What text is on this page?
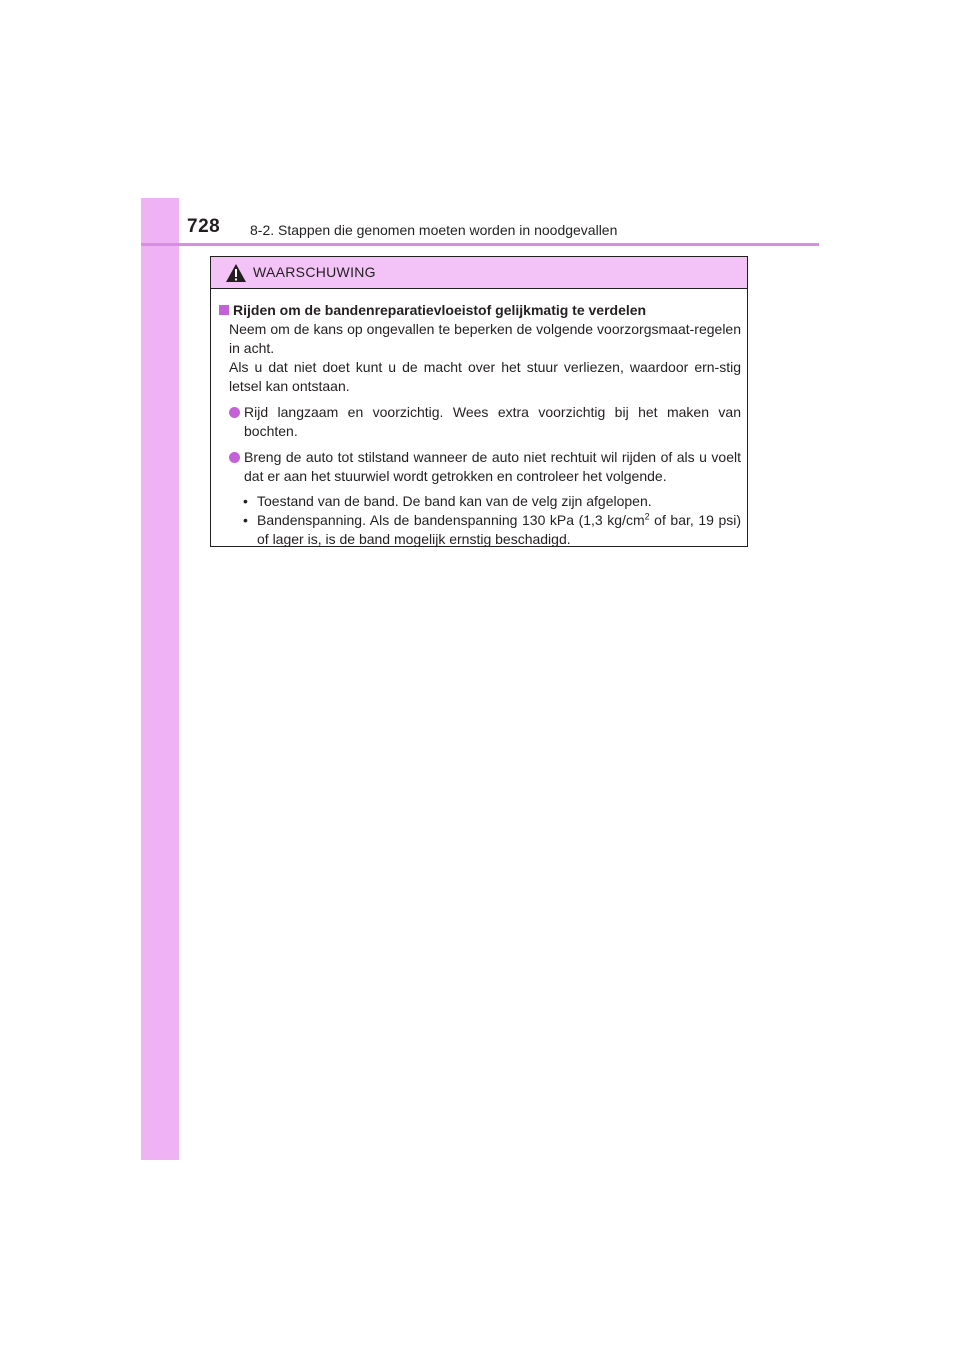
728 8-2. Stappen die genomen moeten worden in noodgevallen
WAARSCHUWING
Rijden om de bandenreparatievloeistof gelijkmatig te verdelen
Neem om de kans op ongevallen te beperken de volgende voorzorgsmaat-regelen in acht.
Als u dat niet doet kunt u de macht over het stuur verliezen, waardoor ern-stig letsel kan ontstaan.
Rijd langzaam en voorzichtig. Wees extra voorzichtig bij het maken van bochten.
Breng de auto tot stilstand wanneer de auto niet rechtuit wil rijden of als u voelt dat er aan het stuurwiel wordt getrokken en controleer het volgende.
• Toestand van de band. De band kan van de velg zijn afgelopen.
• Bandenspanning. Als de bandenspanning 130 kPa (1,3 $kg/cm^2$ of bar, 19 psi) of lager is, is de band mogelijk ernstig beschadigd.
